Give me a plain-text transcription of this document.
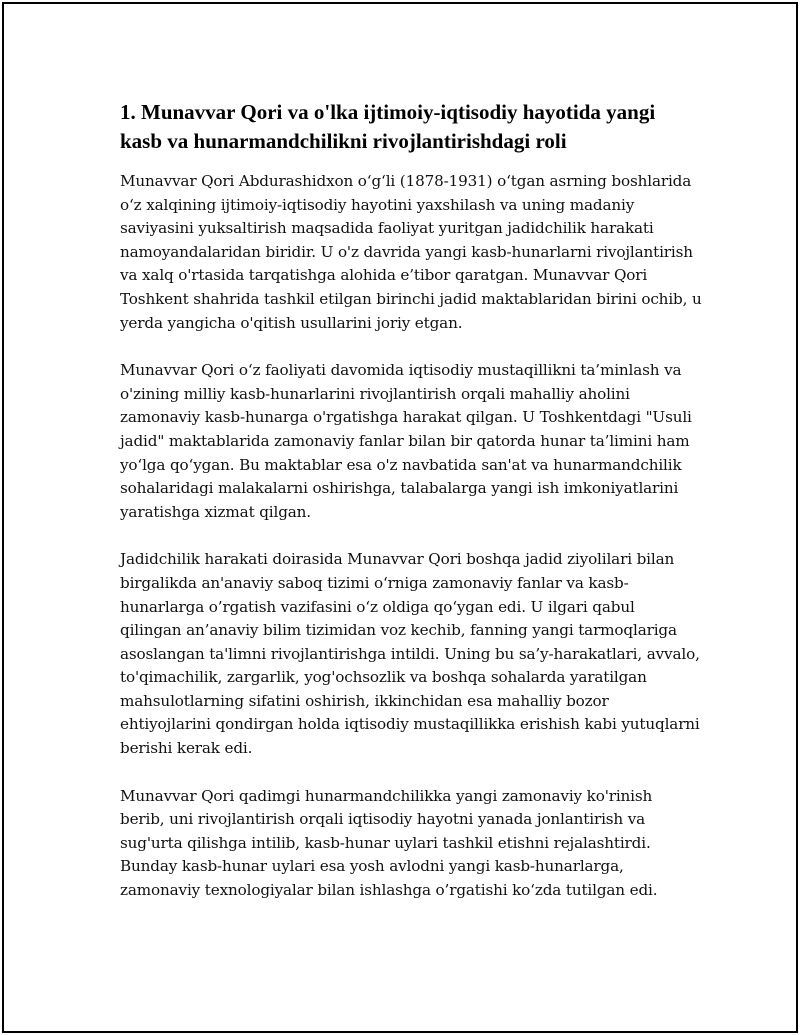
1. Munavvar Qori va o'lka ijtimoiy-iqtisodiy hayotida yangi
kasb va hunarmandchilikni rivojlantirishdagi roli

Munavvar Qori Abdurashidxon o‘g‘li (1878-1931) o‘tgan asrning boshlarida
o‘z xalqining ijtimoiy-iqtisodiy hayotini yaxshilash va uning madaniy
saviyasini yuksaltirish maqsadida faoliyat yuritgan jadidchilik harakati
namoyandalaridan biridir. U o'z davrida yangi kasb-hunarlarni rivojlantirish
va xalq o'rtasida tarqatishga alohida e’tibor qaratgan. Munavvar Qori
Toshkent shahrida tashkil etilgan birinchi jadid maktablaridan birini ochib, u
yerda yangicha o'qitish usullarini joriy etgan.

Munavvar Qori o‘z faoliyati davomida iqtisodiy mustaqillikni ta’minlash va
o'zining milliy kasb-hunarlarini rivojlantirish orqali mahalliy aholini
zamonaviy kasb-hunarga o'rgatishga harakat qilgan. U Toshkentdagi "Usuli
jadid" maktablarida zamonaviy fanlar bilan bir qatorda hunar ta’limini ham
yo‘lga qo‘ygan. Bu maktablar esa o'z navbatida san'at va hunarmandchilik
sohalaridagi malakalarni oshirishga, talabalarga yangi ish imkoniyatlarini
yaratishga xizmat qilgan.

Jadidchilik harakati doirasida Munavvar Qori boshqa jadid ziyolilari bilan
birgalikda an'anaviy saboq tizimi o‘rniga zamonaviy fanlar va kasb-
hunarlarga o’rgatish vazifasini o‘z oldiga qo‘ygan edi. U ilgari qabul
qilingan an’anaviy bilim tizimidan voz kechib, fanning yangi tarmoqlariga
asoslangan ta'limni rivojlantirishga intildi. Uning bu sa’y-harakatlari, avvalo,
to'qimachilik, zargarlik, yog'ochsozlik va boshqa sohalarda yaratilgan
mahsulotlarning sifatini oshirish, ikkinchidan esa mahalliy bozor
ehtiyojlarini qondirgan holda iqtisodiy mustaqillikka erishish kabi yutuqlarni
berishi kerak edi.

Munavvar Qori qadimgi hunarmandchilikka yangi zamonaviy ko'rinish
berib, uni rivojlantirish orqali iqtisodiy hayotni yanada jonlantirish va
sug'urta qilishga intilib, kasb-hunar uylari tashkil etishni rejalashtirdi.
Bunday kasb-hunar uylari esa yosh avlodni yangi kasb-hunarlarga,
zamonaviy texnologiyalar bilan ishlashga o’rgatishi ko‘zda tutilgan edi.
